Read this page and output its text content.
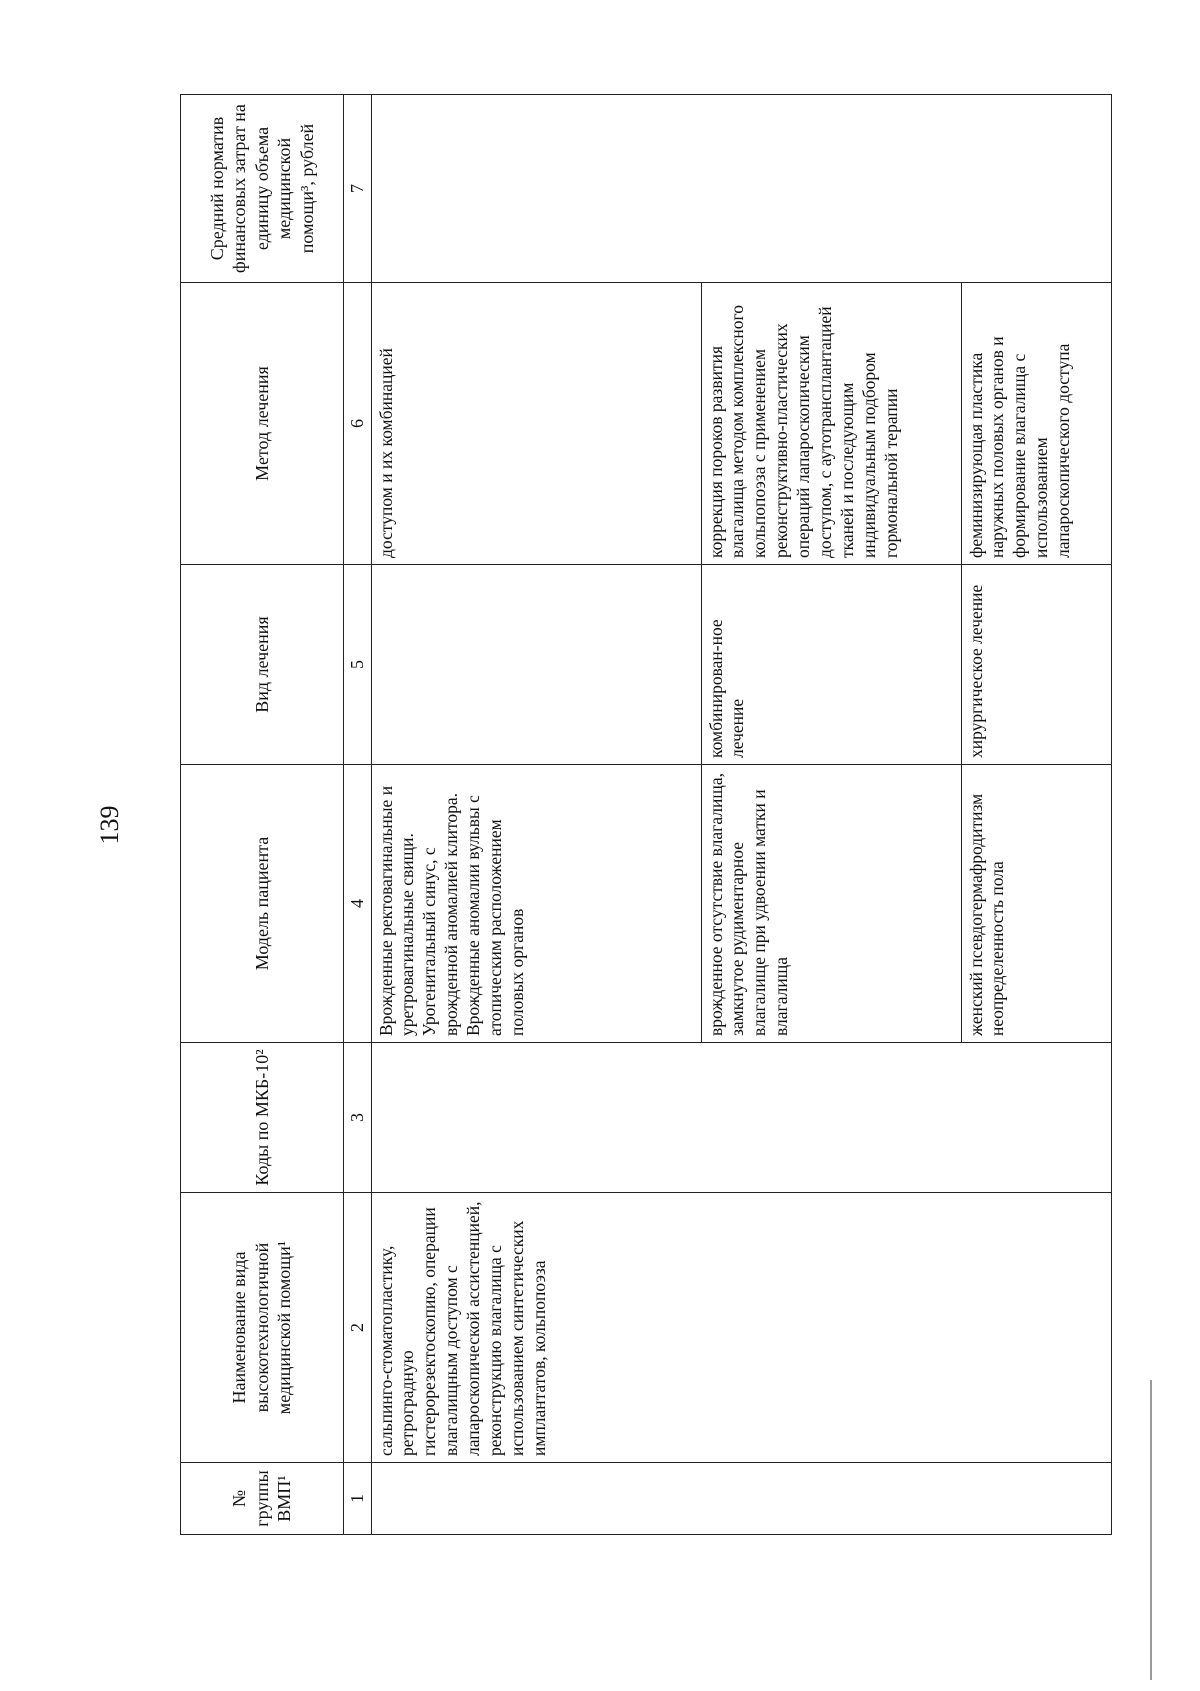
139
№ группы ВМП¹	Наименование вида высокотехнологичной медицинской помощи¹	Коды по МКБ-10²	Модель пациента	Вид лечения	Метод лечения	Средний норматив финансовых затрат на единицу объема медицинской помощи³, рублей
1	2	3	4	5	6	7
	сальпинго-стоматопластику, ретроградную гистерорезектоскопию, операции влагалищным доступом с лапароскопической ассистенцией, реконструкцию влагалища с использованием синтетических имплантатов, кольпопоэза		Врожденные ректовагинальные и уретровагинальные свищи. Урогенитальный синус, с врожденной аномалией клитора. Врожденные аномалии вульвы с атопическим расположением половых органов		доступом и их комбинацией	
			врожденное отсутствие влагалища, замкнутое рудиментарное влагалище при удвоении матки и влагалища	комбинирован-ное лечение	коррекция пороков развития влагалища методом комплексного кольпопоэза с применением реконструктивно-пластических операций лапароскопическим доступом, с аутотрансплантацией тканей и последующим индивидуальным подбором гормональной терапии	
			женский псевдогермафродитизм неопределенность пола	хирургическое лечение	феминизирующая пластика наружных половых органов и формирование влагалища с использованием лапароскопического доступа	
